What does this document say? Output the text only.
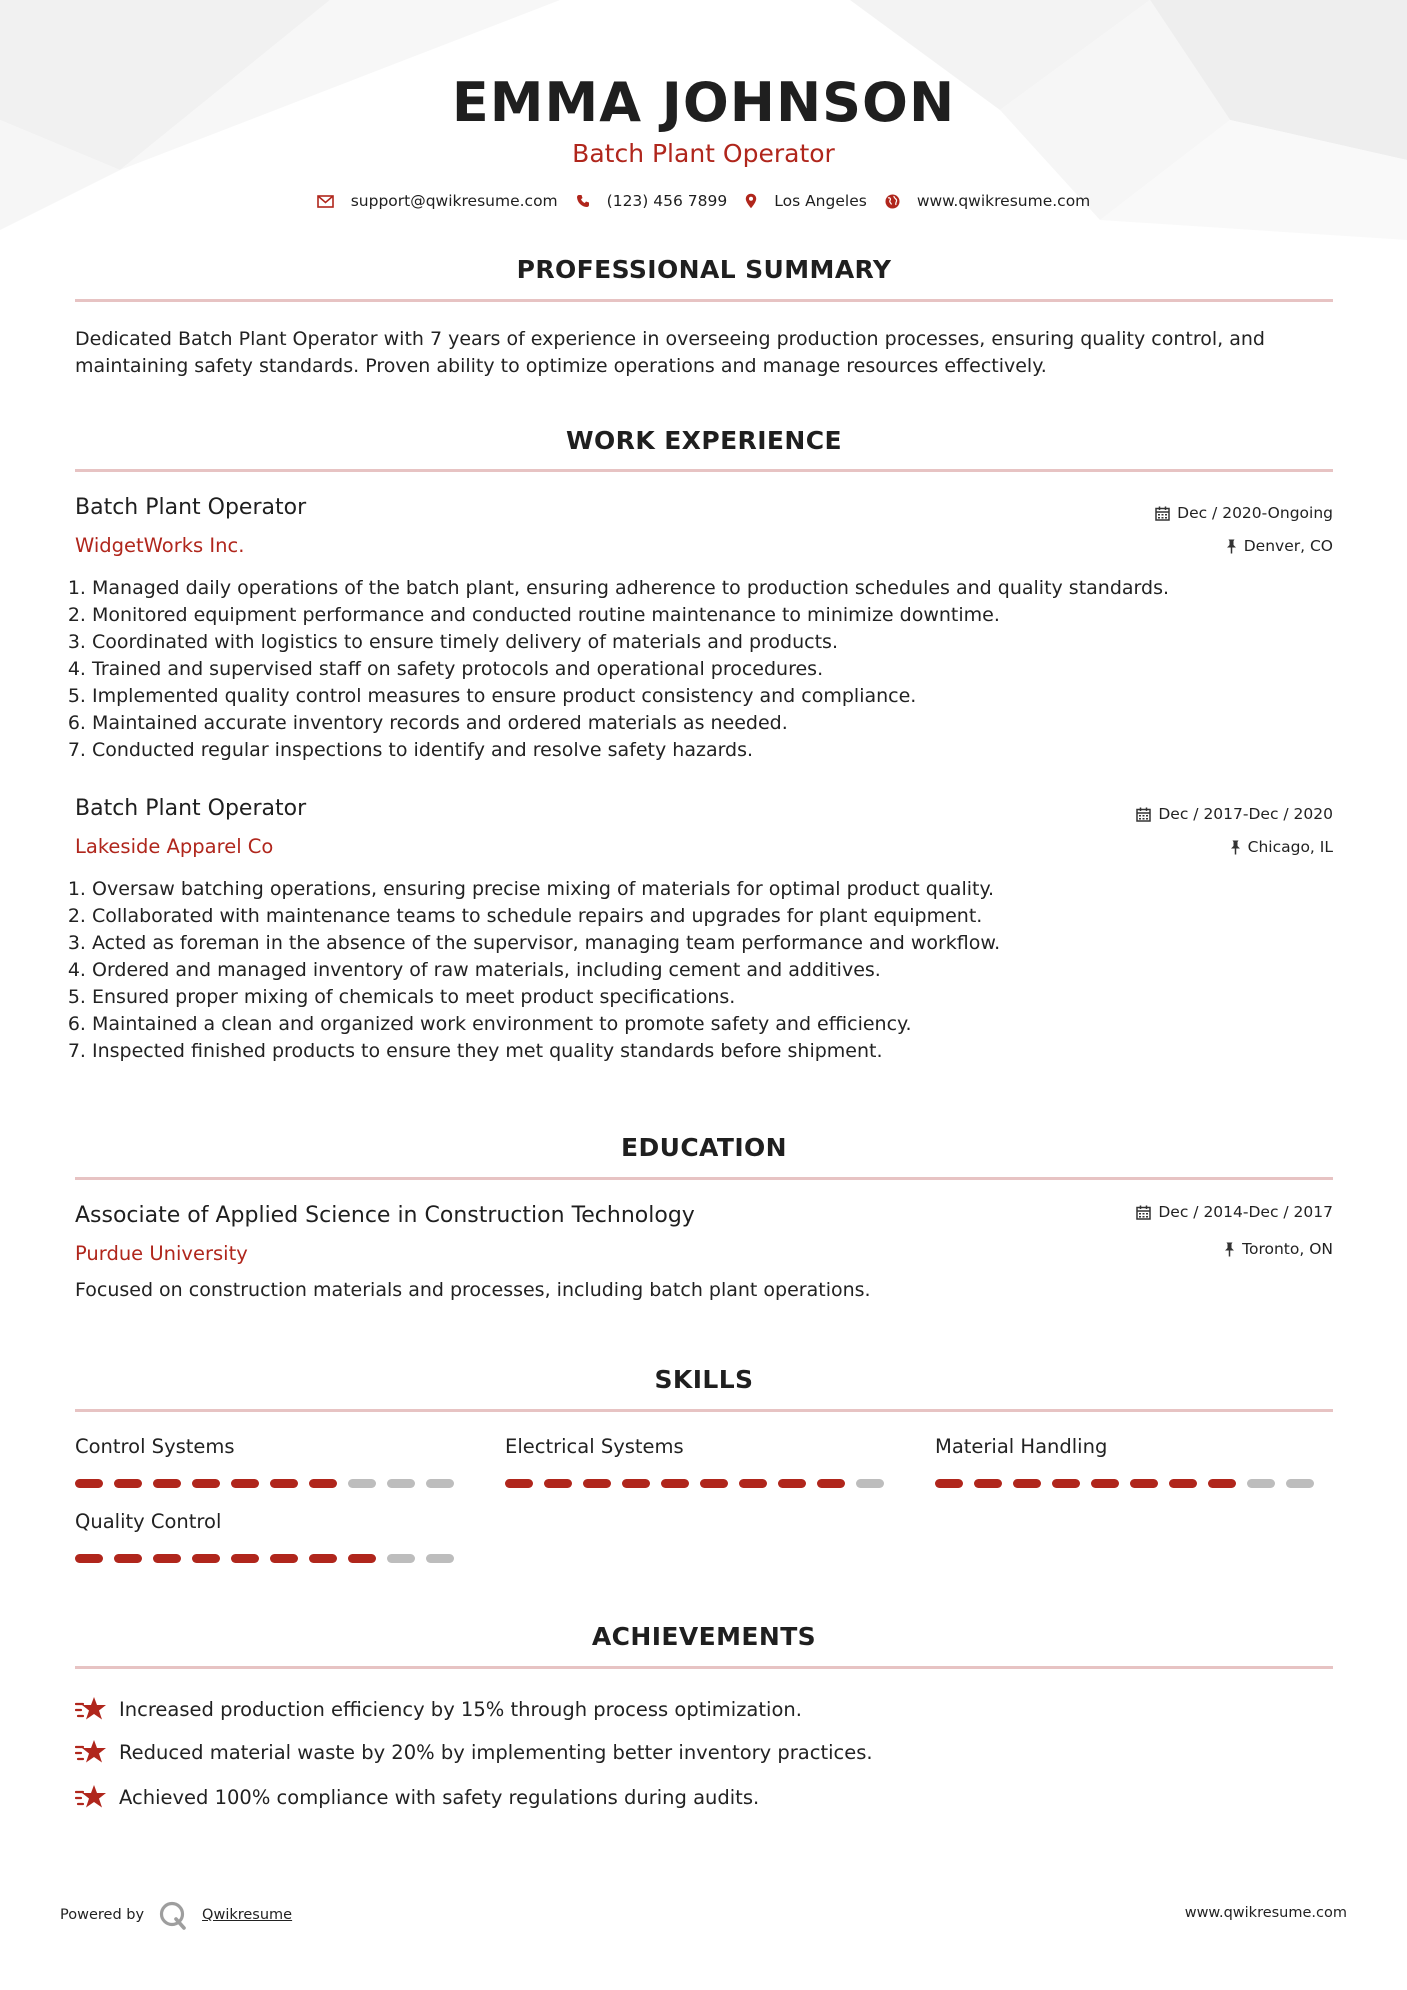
EMMA JOHNSON
Batch Plant Operator
support@qwikresume.com	(123) 456 7899	Los Angeles	www.qwikresume.com
PROFESSIONAL SUMMARY
Dedicated Batch Plant Operator with 7 years of experience in overseeing production processes, ensuring quality control, and maintaining safety standards. Proven ability to optimize operations and manage resources effectively.
WORK EXPERIENCE
Batch Plant Operator	Dec / 2020-Ongoing
WidgetWorks Inc.	Denver, CO
1. Managed daily operations of the batch plant, ensuring adherence to production schedules and quality standards.
2. Monitored equipment performance and conducted routine maintenance to minimize downtime.
3. Coordinated with logistics to ensure timely delivery of materials and products.
4. Trained and supervised staff on safety protocols and operational procedures.
5. Implemented quality control measures to ensure product consistency and compliance.
6. Maintained accurate inventory records and ordered materials as needed.
7. Conducted regular inspections to identify and resolve safety hazards.
Batch Plant Operator	Dec / 2017-Dec / 2020
Lakeside Apparel Co	Chicago, IL
1. Oversaw batching operations, ensuring precise mixing of materials for optimal product quality.
2. Collaborated with maintenance teams to schedule repairs and upgrades for plant equipment.
3. Acted as foreman in the absence of the supervisor, managing team performance and workflow.
4. Ordered and managed inventory of raw materials, including cement and additives.
5. Ensured proper mixing of chemicals to meet product specifications.
6. Maintained a clean and organized work environment to promote safety and efficiency.
7. Inspected finished products to ensure they met quality standards before shipment.
EDUCATION
Associate of Applied Science in Construction Technology	Dec / 2014-Dec / 2017
Purdue University	Toronto, ON
Focused on construction materials and processes, including batch plant operations.
SKILLS
Control Systems	Electrical Systems	Material Handling
Quality Control
ACHIEVEMENTS
Increased production efficiency by 15% through process optimization.
Reduced material waste by 20% by implementing better inventory practices.
Achieved 100% compliance with safety regulations during audits.
Powered by	Qwikresume	www.qwikresume.com
